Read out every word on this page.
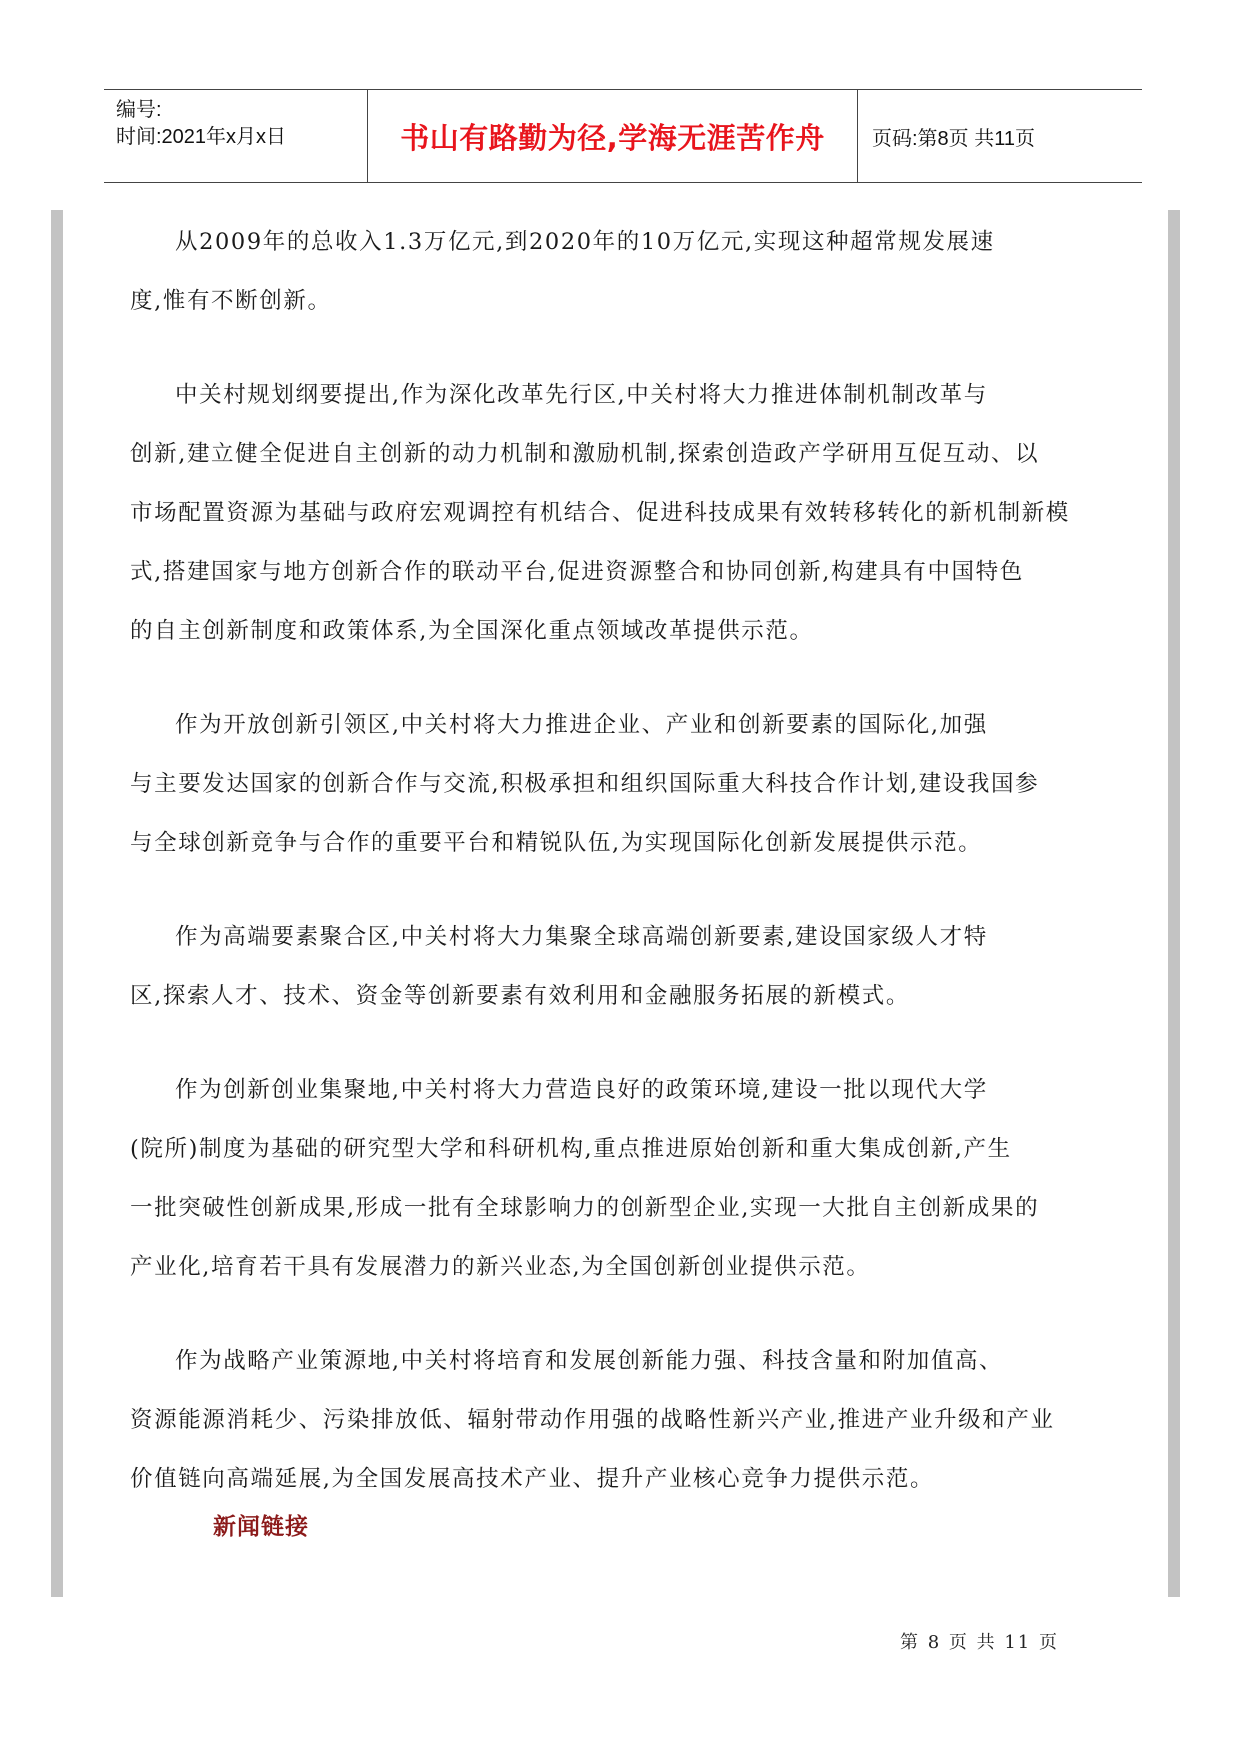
编号:
时间:2021年x月x日	书山有路勤为径,学海无涯苦作舟	页码:第8页 共11页
从2009年的总收入1.3万亿元,到2020年的10万亿元,实现这种超常规发展速
度,惟有不断创新。
中关村规划纲要提出,作为深化改革先行区,中关村将大力推进体制机制改革与
创新,建立健全促进自主创新的动力机制和激励机制,探索创造政产学研用互促互动、以
市场配置资源为基础与政府宏观调控有机结合、促进科技成果有效转移转化的新机制新模
式,搭建国家与地方创新合作的联动平台,促进资源整合和协同创新,构建具有中国特色
的自主创新制度和政策体系,为全国深化重点领域改革提供示范。
作为开放创新引领区,中关村将大力推进企业、产业和创新要素的国际化,加强
与主要发达国家的创新合作与交流,积极承担和组织国际重大科技合作计划,建设我国参
与全球创新竞争与合作的重要平台和精锐队伍,为实现国际化创新发展提供示范。
作为高端要素聚合区,中关村将大力集聚全球高端创新要素,建设国家级人才特
区,探索人才、技术、资金等创新要素有效利用和金融服务拓展的新模式。
作为创新创业集聚地,中关村将大力营造良好的政策环境,建设一批以现代大学
(院所)制度为基础的研究型大学和科研机构,重点推进原始创新和重大集成创新,产生
一批突破性创新成果,形成一批有全球影响力的创新型企业,实现一大批自主创新成果的
产业化,培育若干具有发展潜力的新兴业态,为全国创新创业提供示范。
作为战略产业策源地,中关村将培育和发展创新能力强、科技含量和附加值高、
资源能源消耗少、污染排放低、辐射带动作用强的战略性新兴产业,推进产业升级和产业
价值链向高端延展,为全国发展高技术产业、提升产业核心竞争力提供示范。
新闻链接
第 8 页 共 11 页
